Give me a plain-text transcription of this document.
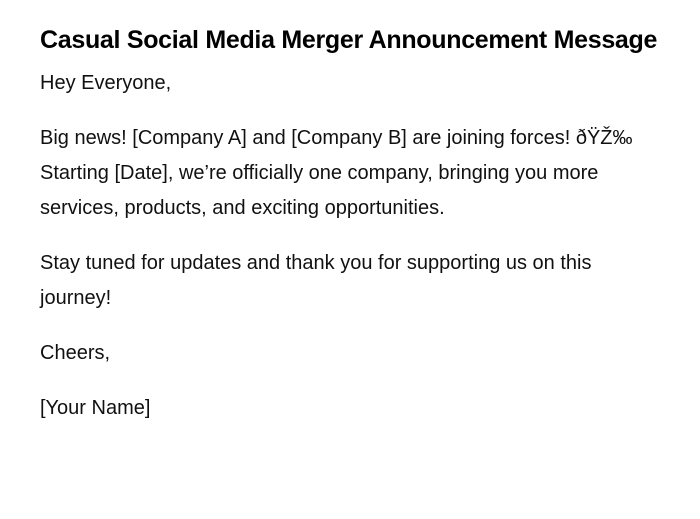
Casual Social Media Merger Announcement Message

Hey Everyone,

Big news! [Company A] and [Company B] are joining forces! ðŸŽ‰ Starting [Date], we’re officially one company, bringing you more services, products, and exciting opportunities.

Stay tuned for updates and thank you for supporting us on this journey!

Cheers,

[Your Name]
